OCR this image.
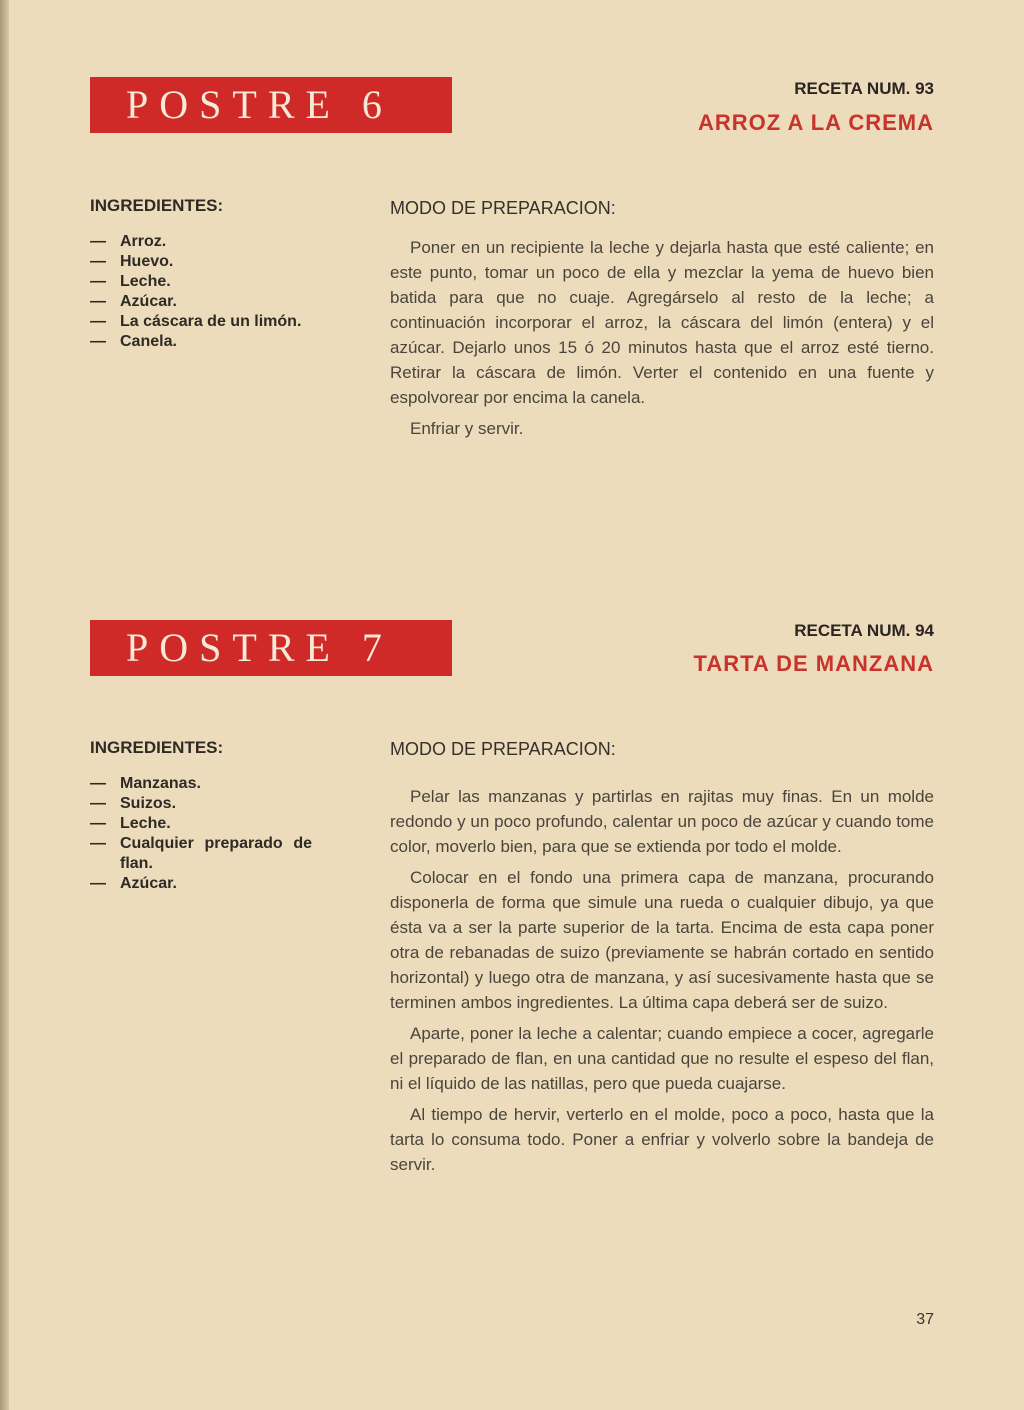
POSTRE 6	RECETA NUM. 93
ARROZ A LA CREMA
INGREDIENTES:
— Arroz.
— Huevo.
— Leche.
— Azúcar.
— La cáscara de un limón.
— Canela.
MODO DE PREPARACION:

Poner en un recipiente la leche y dejarla hasta que esté caliente; en este punto, tomar un poco de ella y mezclar la yema de huevo bien batida para que no cuaje. Agregárselo al resto de la leche; a continuación incorporar el arroz, la cáscara del limón (entera) y el azúcar. Dejarlo unos 15 ó 20 minutos hasta que el arroz esté tierno. Retirar la cáscara de limón. Verter el contenido en una fuente y espolvorear por encima la canela.

Enfriar y servir.

POSTRE 7	RECETA NUM. 94
TARTA DE MANZANA
INGREDIENTES:
— Manzanas.
— Suizos.
— Leche.
— Cualquier preparado de flan.
— Azúcar.
MODO DE PREPARACION:

Pelar las manzanas y partirlas en rajitas muy finas. En un molde redondo y un poco profundo, calentar un poco de azúcar y cuando tome color, moverlo bien, para que se extienda por todo el molde.

Colocar en el fondo una primera capa de manzana, procurando disponerla de forma que simule una rueda o cualquier dibujo, ya que ésta va a ser la parte superior de la tarta. Encima de esta capa poner otra de rebanadas de suizo (previamente se habrán cortado en sentido horizontal) y luego otra de manzana, y así sucesivamente hasta que se terminen ambos ingredientes. La última capa deberá ser de suizo.

Aparte, poner la leche a calentar; cuando empiece a cocer, agregarle el preparado de flan, en una cantidad que no resulte el espeso del flan, ni el líquido de las natillas, pero que pueda cuajarse.

Al tiempo de hervir, verterlo en el molde, poco a poco, hasta que la tarta lo consuma todo. Poner a enfriar y volverlo sobre la bandeja de servir.

37
